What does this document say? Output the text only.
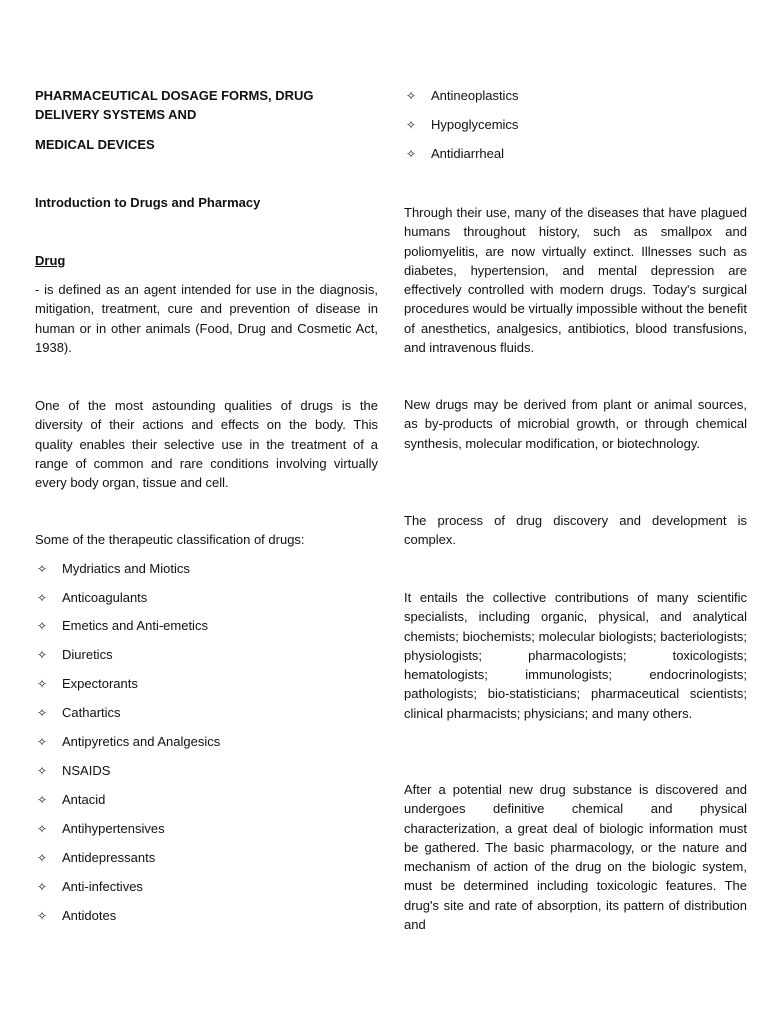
PHARMACEUTICAL DOSAGE FORMS, DRUG DELIVERY SYSTEMS AND
MEDICAL DEVICES
Introduction to Drugs and Pharmacy
Drug
- is defined as an agent intended for use in the diagnosis, mitigation, treatment, cure and prevention of disease in human or in other animals (Food, Drug and Cosmetic Act, 1938).
One of the most astounding qualities of drugs is the diversity of their actions and effects on the body. This quality enables their selective use in the treatment of a range of common and rare conditions involving virtually every body organ, tissue and cell.
Some of the therapeutic classification of drugs:
✧ Mydriatics and Miotics
✧ Anticoagulants
✧ Emetics and Anti-emetics
✧ Diuretics
✧ Expectorants
✧ Cathartics
✧ Antipyretics and Analgesics
✧ NSAIDS
✧ Antacid
✧ Antihypertensives
✧ Antidepressants
✧ Anti-infectives
✧ Antidotes
✧ Antineoplastics
✧ Hypoglycemics
✧ Antidiarrheal
Through their use, many of the diseases that have plagued humans throughout history, such as smallpox and poliomyelitis, are now virtually extinct. Illnesses such as diabetes, hypertension, and mental depression are effectively controlled with modern drugs. Today's surgical procedures would be virtually impossible without the benefit of anesthetics, analgesics, antibiotics, blood transfusions, and intravenous fluids.
New drugs may be derived from plant or animal sources, as by-products of microbial growth, or through chemical synthesis, molecular modification, or biotechnology.
The process of drug discovery and development is complex.
It entails the collective contributions of many scientific specialists, including organic, physical, and analytical chemists; biochemists; molecular biologists; bacteriologists; physiologists; pharmacologists; toxicologists; hematologists; immunologists; endocrinologists; pathologists; bio-statisticians; pharmaceutical scientists; clinical pharmacists; physicians; and many others.
After a potential new drug substance is discovered and undergoes definitive chemical and physical characterization, a great deal of biologic information must be gathered. The basic pharmacology, or the nature and mechanism of action of the drug on the biologic system, must be determined including toxicologic features. The drug's site and rate of absorption, its pattern of distribution and
